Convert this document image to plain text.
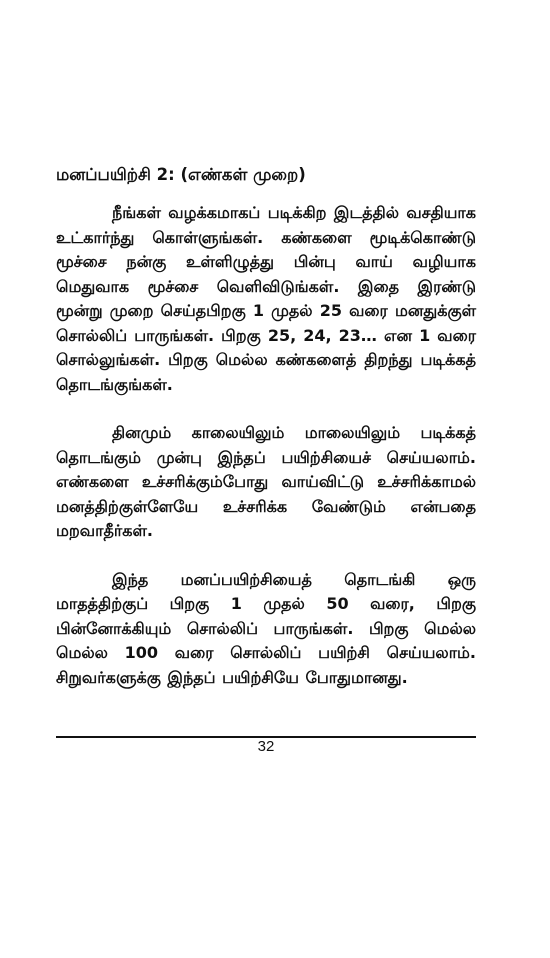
மனப்பயிற்சி 2: (எண்கள் முறை)

நீங்கள் வழக்கமாகப் படிக்கிற இடத்தில் வசதியாக உட்கார்ந்து கொள்ளுங்கள். கண்களை மூடிக்கொண்டு மூச்சை நன்கு உள்ளிழுத்து பின்பு வாய் வழியாக மெதுவாக மூச்சை வெளிவிடுங்கள். இதை இரண்டு மூன்று முறை செய்தபிறகு 1 முதல் 25 வரை மனதுக்குள் சொல்லிப் பாருங்கள். பிறகு 25, 24, 23… என 1 வரை சொல்லுங்கள். பிறகு மெல்ல கண்களைத் திறந்து படிக்கத் தொடங்குங்கள்.

தினமும் காலையிலும் மாலையிலும் படிக்கத் தொடங்கும் முன்பு இந்தப் பயிற்சியைச் செய்யலாம். எண்களை உச்சரிக்கும்போது வாய்விட்டு உச்சரிக்காமல் மனத்திற்குள்ளேயே உச்சரிக்க வேண்டும் என்பதை மறவாதீர்கள்.

இந்த மனப்பயிற்சியைத் தொடங்கி ஒரு மாதத்திற்குப் பிறகு 1 முதல் 50 வரை, பிறகு பின்னோக்கியும் சொல்லிப் பாருங்கள். பிறகு மெல்ல மெல்ல 100 வரை சொல்லிப் பயிற்சி செய்யலாம். சிறுவர்களுக்கு இந்தப் பயிற்சியே போதுமானது.

32
